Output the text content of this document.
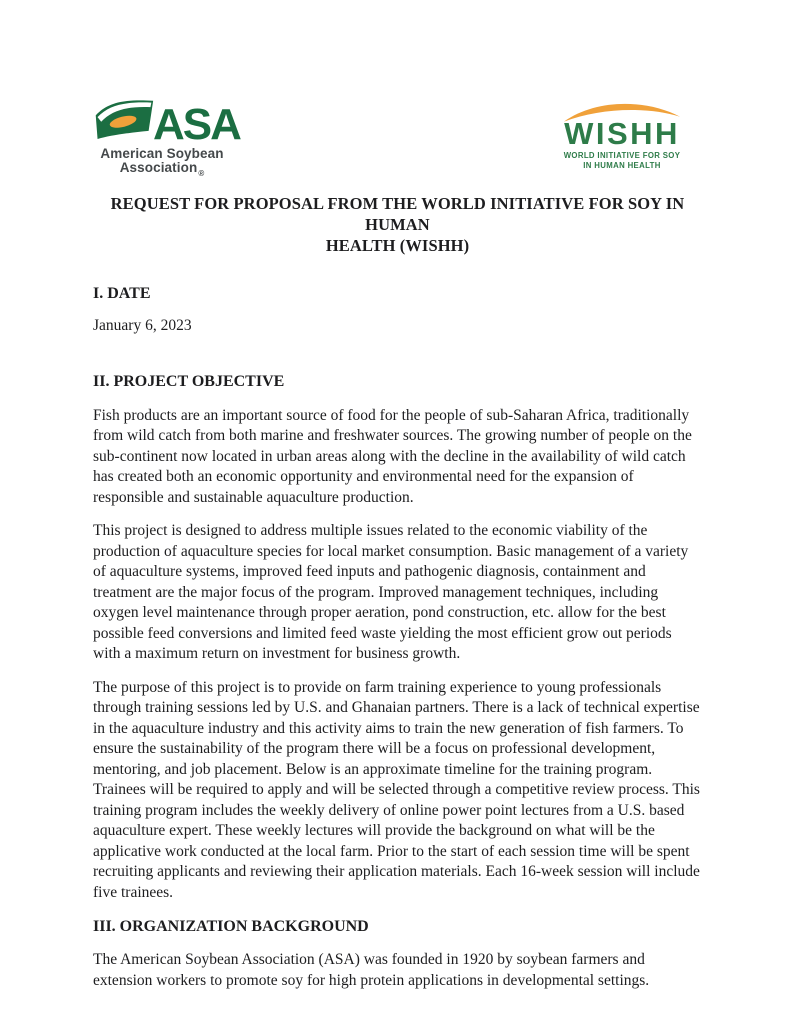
ASA
American Soybean
Association$_®$
WISHH
WORLD INITIATIVE FOR SOY
IN HUMAN HEALTH
REQUEST FOR PROPOSAL FROM THE WORLD INITIATIVE FOR SOY IN HUMAN
HEALTH (WISHH)
I. DATE

January 6, 2023

II. PROJECT OBJECTIVE

Fish products are an important source of food for the people of sub-Saharan Africa, traditionally from wild catch from both marine and freshwater sources. The growing number of people on the sub-continent now located in urban areas along with the decline in the availability of wild catch has created both an economic opportunity and environmental need for the expansion of responsible and sustainable aquaculture production.

This project is designed to address multiple issues related to the economic viability of the production of aquaculture species for local market consumption. Basic management of a variety of aquaculture systems, improved feed inputs and pathogenic diagnosis, containment and treatment are the major focus of the program. Improved management techniques, including oxygen level maintenance through proper aeration, pond construction, etc. allow for the best possible feed conversions and limited feed waste yielding the most efficient grow out periods with a maximum return on investment for business growth.

The purpose of this project is to provide on farm training experience to young professionals through training sessions led by U.S. and Ghanaian partners. There is a lack of technical expertise in the aquaculture industry and this activity aims to train the new generation of fish farmers. To ensure the sustainability of the program there will be a focus on professional development, mentoring, and job placement. Below is an approximate timeline for the training program. Trainees will be required to apply and will be selected through a competitive review process. This training program includes the weekly delivery of online power point lectures from a U.S. based aquaculture expert. These weekly lectures will provide the background on what will be the applicative work conducted at the local farm. Prior to the start of each session time will be spent recruiting applicants and reviewing their application materials. Each 16-week session will include five trainees.

III. ORGANIZATION BACKGROUND

The American Soybean Association (ASA) was founded in 1920 by soybean farmers and extension workers to promote soy for high protein applications in developmental settings.
